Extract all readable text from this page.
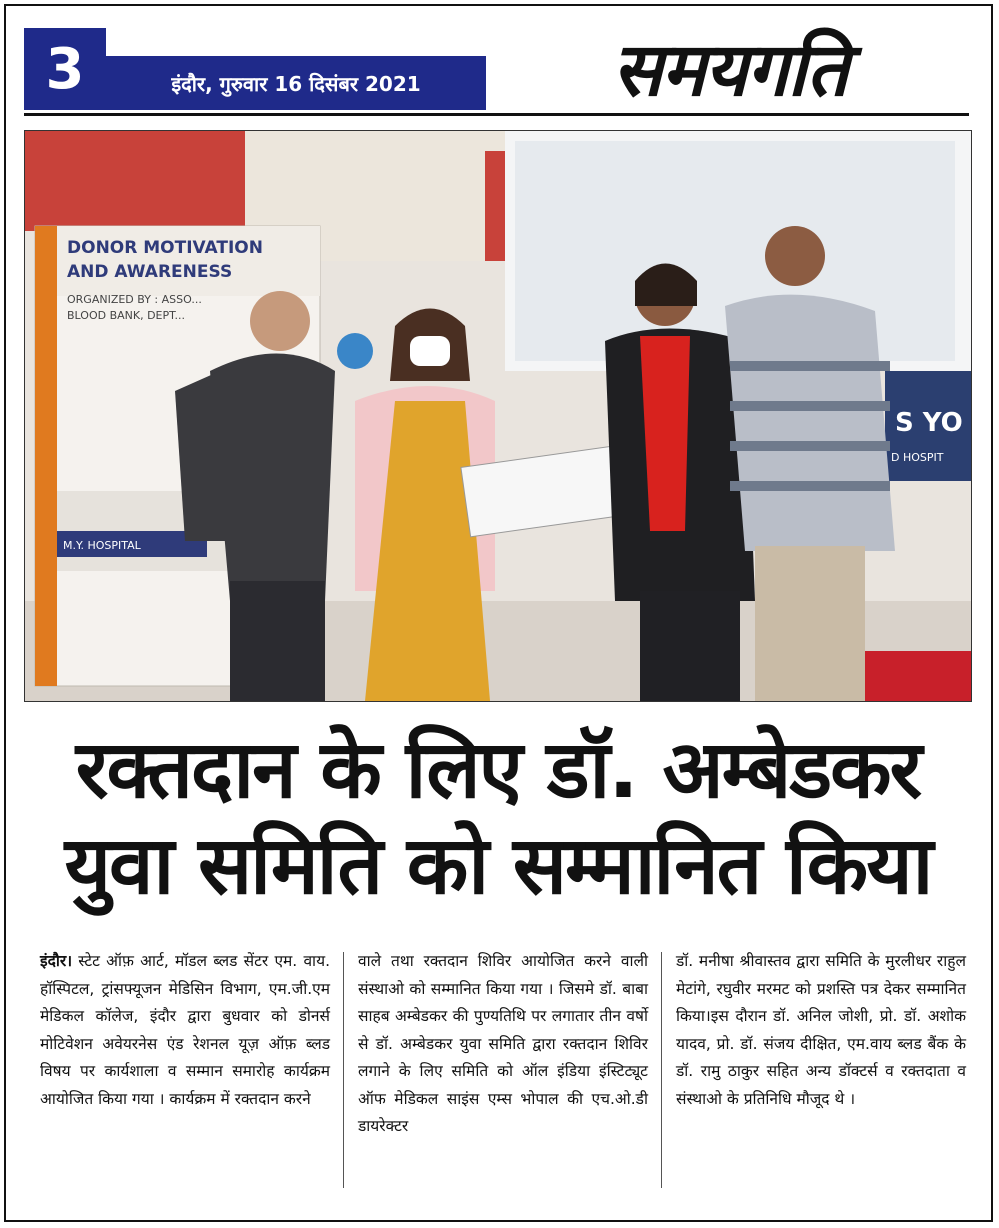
3	इंदौर, गुरुवार 16 दिसंबर 2021	समयगति
S YO
D HOSPIT
DONOR MOTIVATION
AND AWARENESS
ORGANIZED BY : ASSO...
BLOOD BANK, DEPT...
M.Y. HOSPITAL
रक्तदान के लिए डॉ. अम्बेडकर
युवा समिति को सम्मानित किया
इंदौर। स्टेट ऑफ़ आर्ट, मॉडल ब्लड सेंटर एम. वाय. हॉस्पिटल, ट्रांसफ्यूजन मेडिसिन विभाग, एम.जी.एम मेडिकल कॉलेज, इंदौर द्वारा बुधवार को डोनर्स मोटिवेशन अवेयरनेस एंड रेशनल यूज़ ऑफ़ ब्लड विषय पर कार्यशाला व सम्मान समारोह कार्यक्रम आयोजित किया गया । कार्यक्रम में रक्तदान करने
वाले तथा रक्तदान शिविर आयोजित करने वाली संस्थाओ को सम्मानित किया गया । जिसमे डॉ. बाबा साहब अम्बेडकर की पुण्यतिथि पर लगातार तीन वर्षो से डॉ. अम्बेडकर युवा समिति द्वारा रक्तदान शिविर लगाने के लिए समिति को ऑल इंडिया इंस्टिट्यूट ऑफ मेडिकल साइंस एम्स भोपाल की एच.ओ.डी डायरेक्टर
डॉ. मनीषा श्रीवास्तव द्वारा समिति के मुरलीधर राहुल मेटांगे, रघुवीर मरमट को प्रशस्ति पत्र देकर सम्मानित किया।इस दौरान डॉ. अनिल जोशी, प्रो. डॉ. अशोक यादव, प्रो. डॉ. संजय दीक्षित, एम.वाय ब्लड बैंक के डॉ. रामु ठाकुर सहित अन्य डॉक्टर्स व रक्तदाता व संस्थाओ के प्रतिनिधि मौजूद थे ।
